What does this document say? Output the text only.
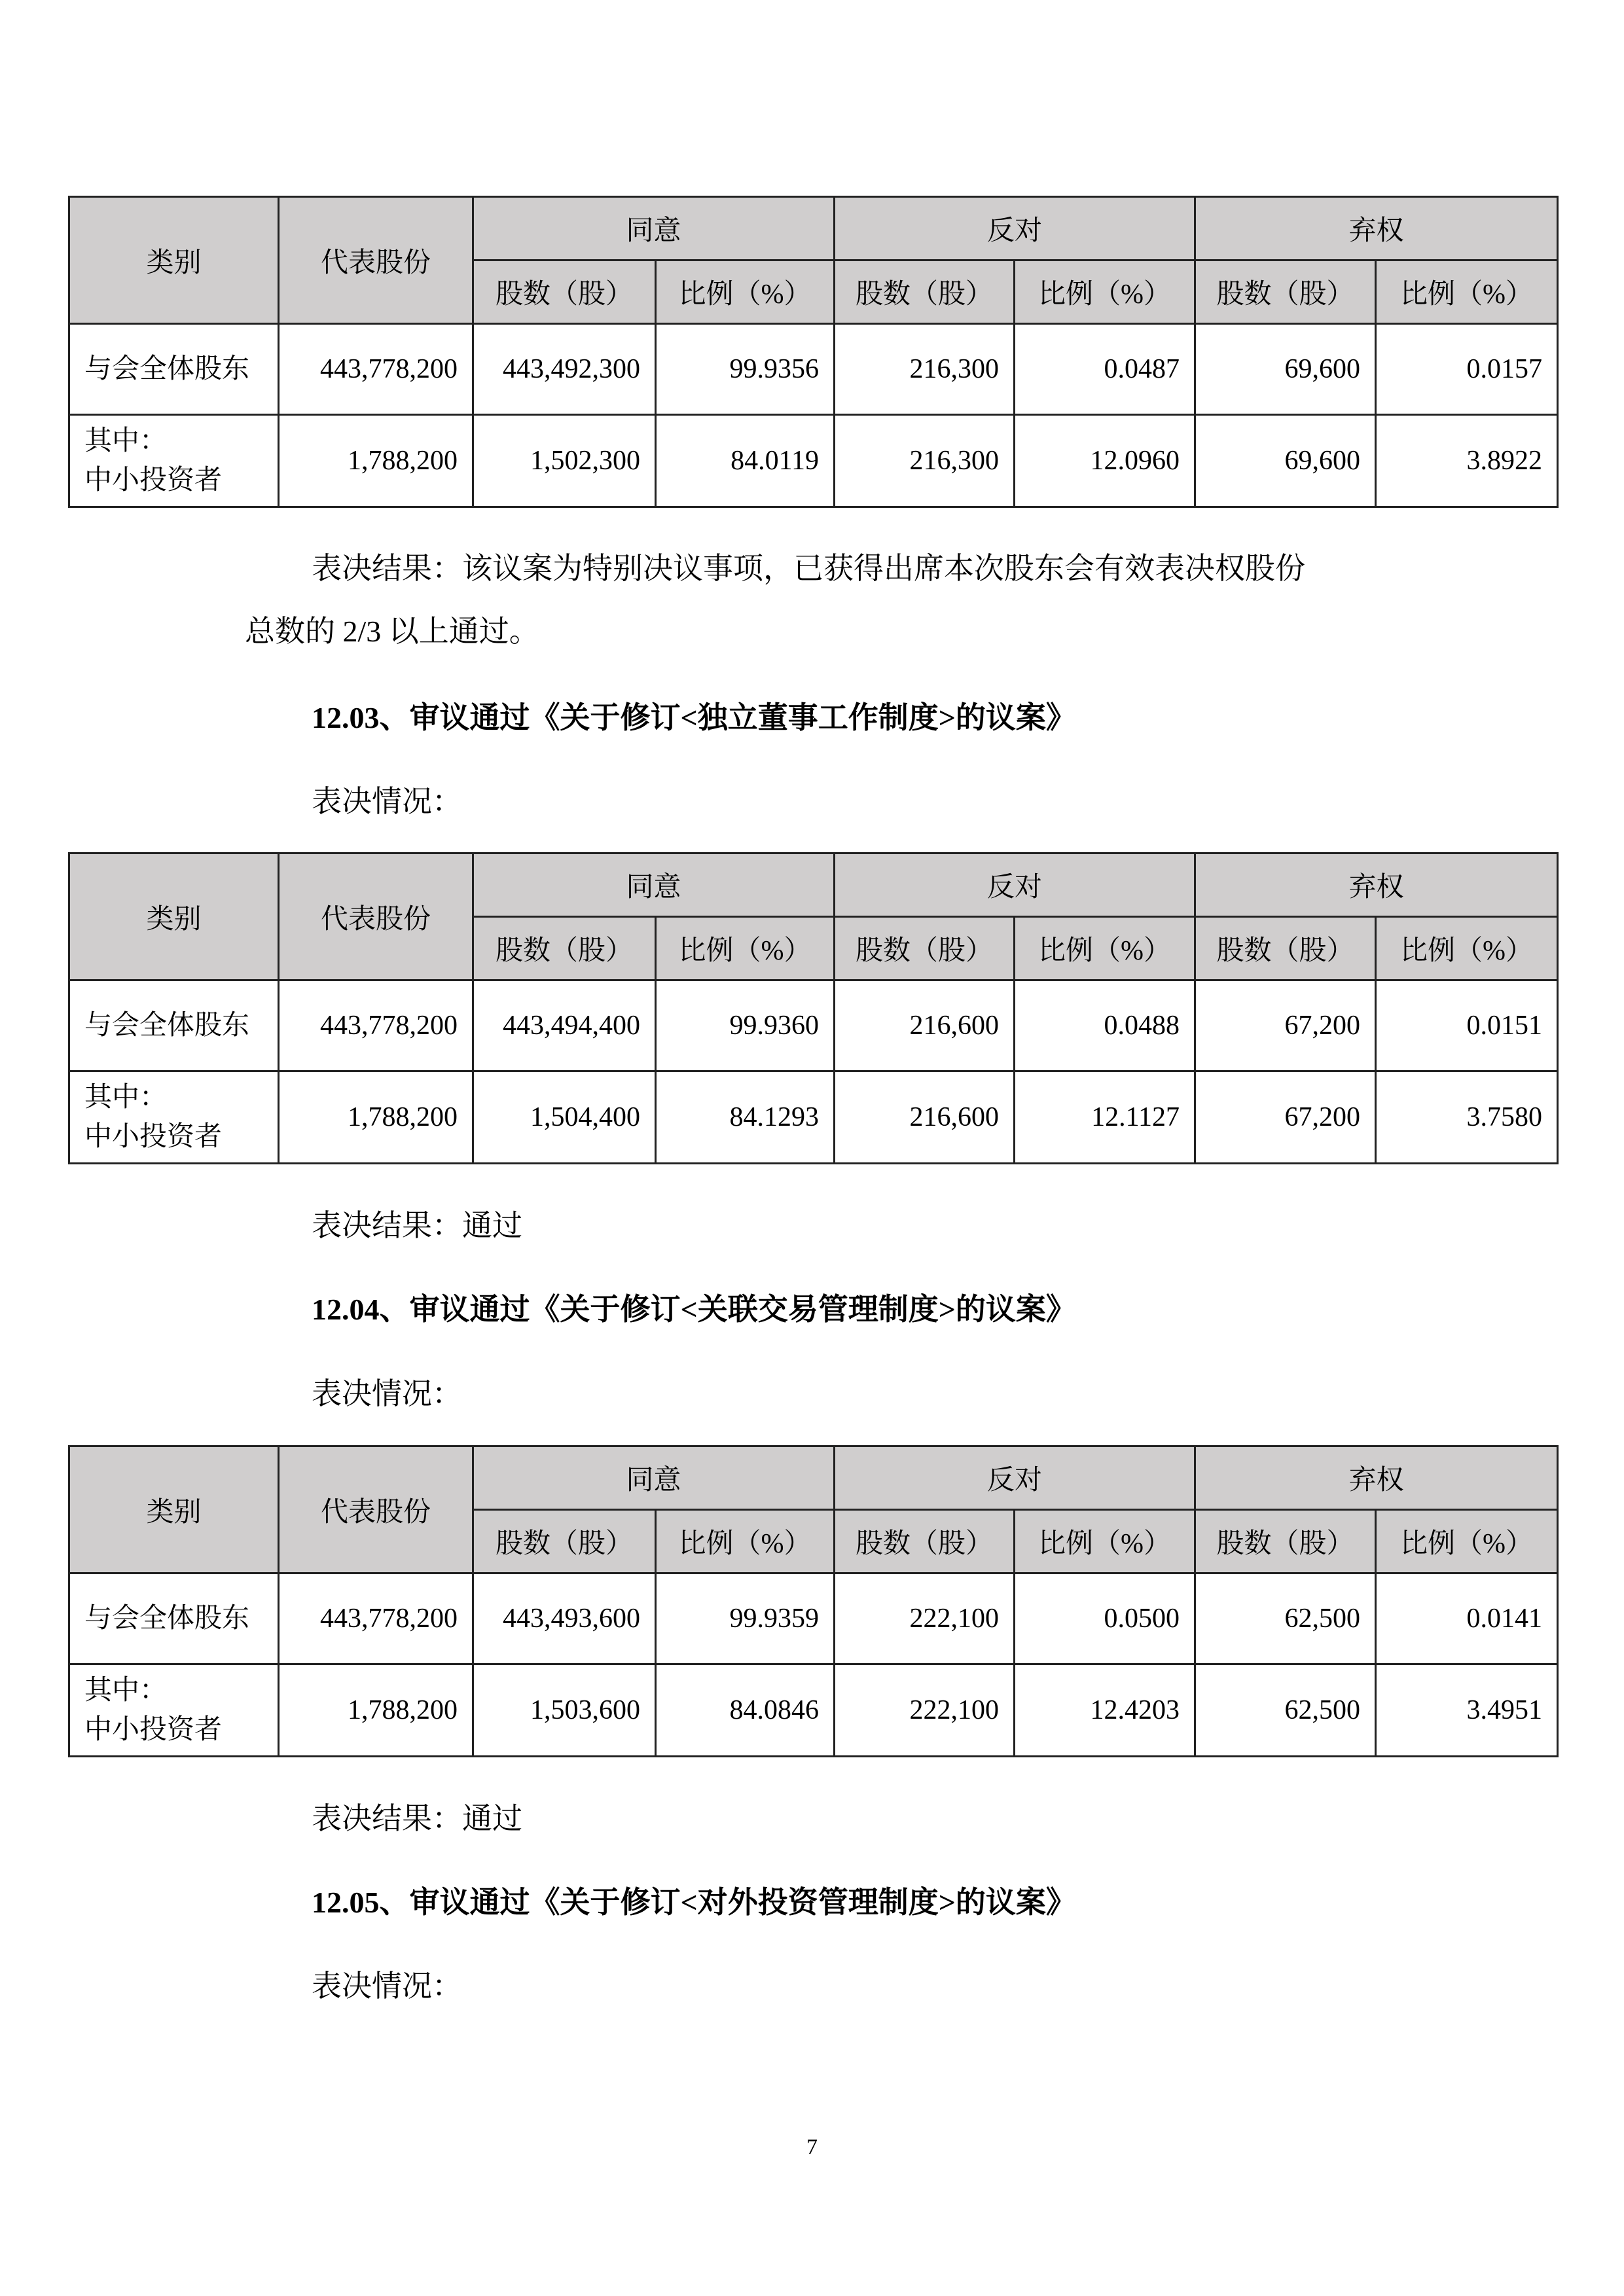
类别	代表股份	同意		反对		弃权	
		股数（股）	比例（%）	股数（股）	比例（%）	股数（股）	比例（%）
与会全体股东	443,778,200	443,492,300	99.9356	216,300	0.0487	69,600	0.0157

其中：
中小投资者	1,788,200	1,502,300	84.0119	216,300	12.0960	69,600	3.8922
表决结果：该议案为特别决议事项，已获得出席本次股东会有效表决权股份
总数的 2/3 以上通过。
12.03、审议通过《关于修订<独立董事工作制度>的议案》
表决情况：
类别	代表股份	同意		反对		弃权	
		股数（股）	比例（%）	股数（股）	比例（%）	股数（股）	比例（%）
与会全体股东	443,778,200	443,494,400	99.9360	216,600	0.0488	67,200	0.0151

其中：
中小投资者	1,788,200	1,504,400	84.1293	216,600	12.1127	67,200	3.7580
表决结果：通过
12.04、审议通过《关于修订<关联交易管理制度>的议案》
表决情况：
类别	代表股份	同意		反对		弃权	
		股数（股）	比例（%）	股数（股）	比例（%）	股数（股）	比例（%）
与会全体股东	443,778,200	443,493,600	99.9359	222,100	0.0500	62,500	0.0141

其中：
中小投资者	1,788,200	1,503,600	84.0846	222,100	12.4203	62,500	3.4951
表决结果：通过
12.05、审议通过《关于修订<对外投资管理制度>的议案》
表决情况：
7
